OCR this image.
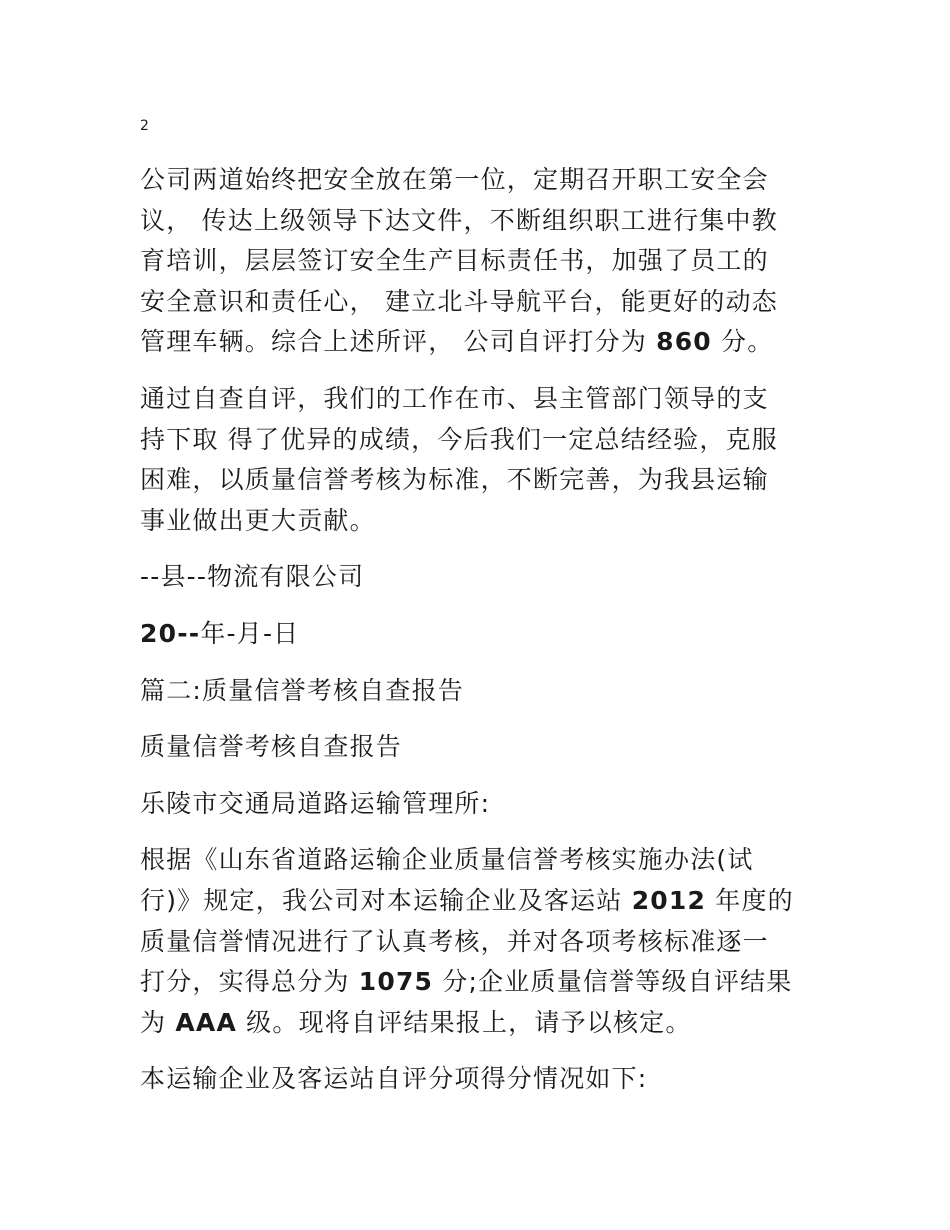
2

公司两道始终把安全放在第一位，定期召开职工安全会
议， 传达上级领导下达文件，不断组织职工进行集中教
育培训，层层签订安全生产目标责任书，加强了员工的
安全意识和责任心， 建立北斗导航平台，能更好的动态
管理车辆。综合上述所评， 公司自评打分为 860 分。

通过自查自评，我们的工作在市、县主管部门领导的支
持下取 得了优异的成绩，今后我们一定总结经验，克服
困难，以质量信誉考核为标准，不断完善，为我县运输
事业做出更大贡献。

--县--物流有限公司

20--年-月-日

篇二:质量信誉考核自查报告

质量信誉考核自查报告

乐陵市交通局道路运输管理所:

根据《山东省道路运输企业质量信誉考核实施办法(试
行)》规定，我公司对本运输企业及客运站 2012 年度的
质量信誉情况进行了认真考核，并对各项考核标准逐一
打分，实得总分为 1075 分;企业质量信誉等级自评结果
为 AAA 级。现将自评结果报上，请予以核定。

本运输企业及客运站自评分项得分情况如下:
